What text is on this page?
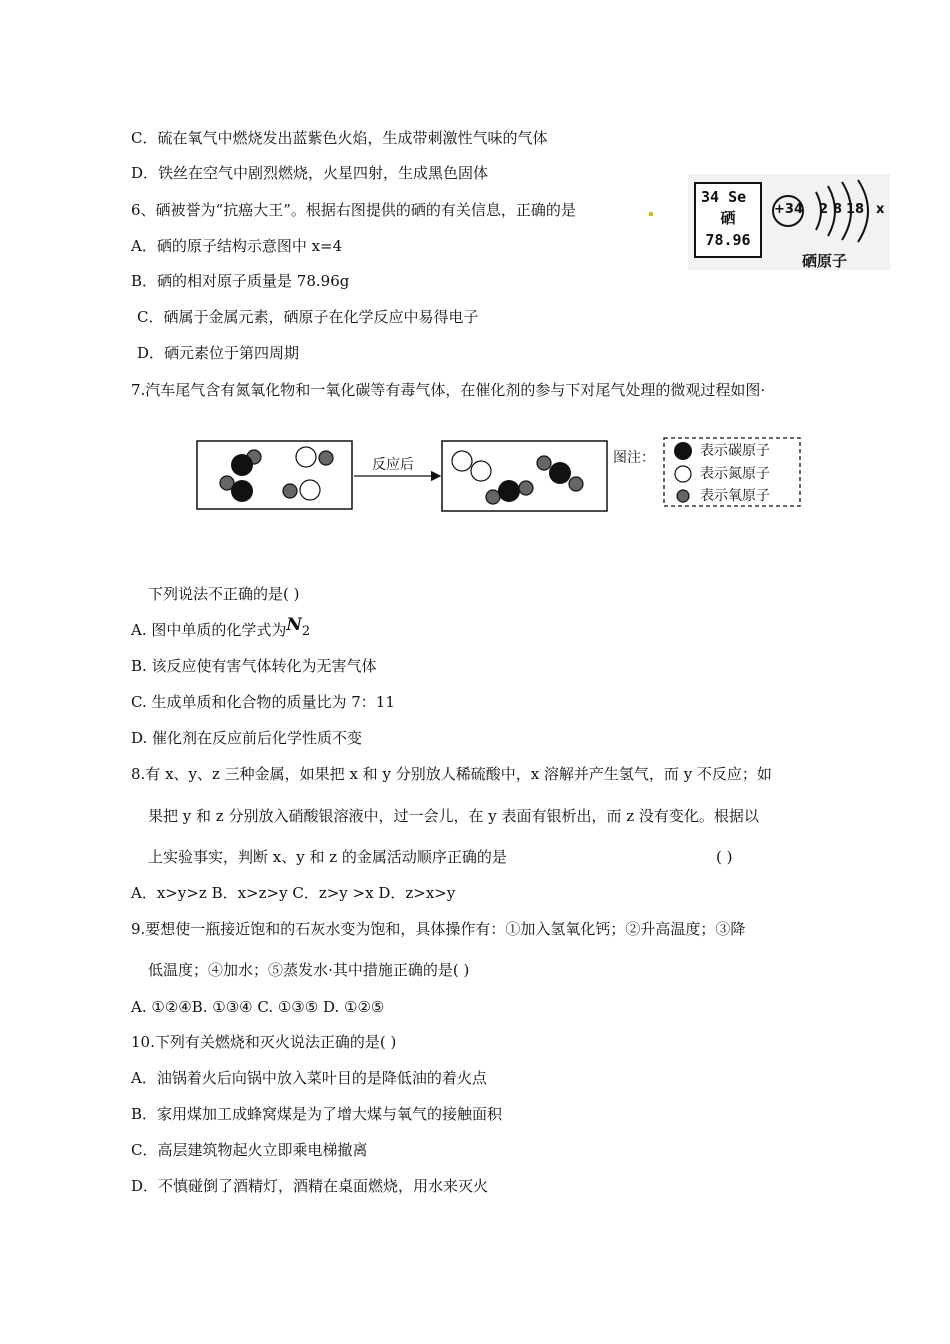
C．硫在氧气中燃烧发出蓝紫色火焰，生成带刺激性气味的气体
D．铁丝在空气中剧烈燃烧，火星四射，生成黑色固体
6、硒被誉为“抗癌大王”。根据右图提供的硒的有关信息，正确的是
A．硒的原子结构示意图中 x=4
B．硒的相对原子质量是 78.96g
C．硒属于金属元素，硒原子在化学反应中易得电子
D．硒元素位于第四周期
34 Se
硒
78.96
+34 2 8 18 x
硒原子
7.汽车尾气含有氮氧化物和一氧化碳等有毒气体，在催化剂的参与下对尾气处理的微观过程如图·
反应后	图注：	表示碳原子
表示氮原子
表示氧原子
下列说法不正确的是( )
A. 图中单质的化学式为N2
B. 该反应使有害气体转化为无害气体
C. 生成单质和化合物的质量比为 7：11
D. 催化剂在反应前后化学性质不变
8.有 x、y、z 三种金属，如果把 x 和 y 分别放人稀硫酸中，x 溶解并产生氢气，而 y 不反应；如
果把 y 和 z 分别放入硝酸银溶液中，过一会儿，在 y 表面有银析出，而 z 没有变化。根据以
上实验事实，判断 x、y 和 z 的金属活动顺序正确的是	( )
A．x>y>z B．x>z>y C．z>y >x D．z>x>y
9.要想使一瓶接近饱和的石灰水变为饱和，具体操作有：①加入氢氧化钙；②升高温度；③降
低温度；④加水；⑤蒸发水·其中措施正确的是( )
A. ①②④B. ①③④ C. ①③⑤ D. ①②⑤
10.下列有关燃烧和灭火说法正确的是( )
A．油锅着火后向锅中放入菜叶目的是降低油的着火点
B．家用煤加工成蜂窝煤是为了增大煤与氧气的接触面积
C．高层建筑物起火立即乘电梯撤离
D．不慎碰倒了酒精灯，酒精在桌面燃烧，用水来灭火
